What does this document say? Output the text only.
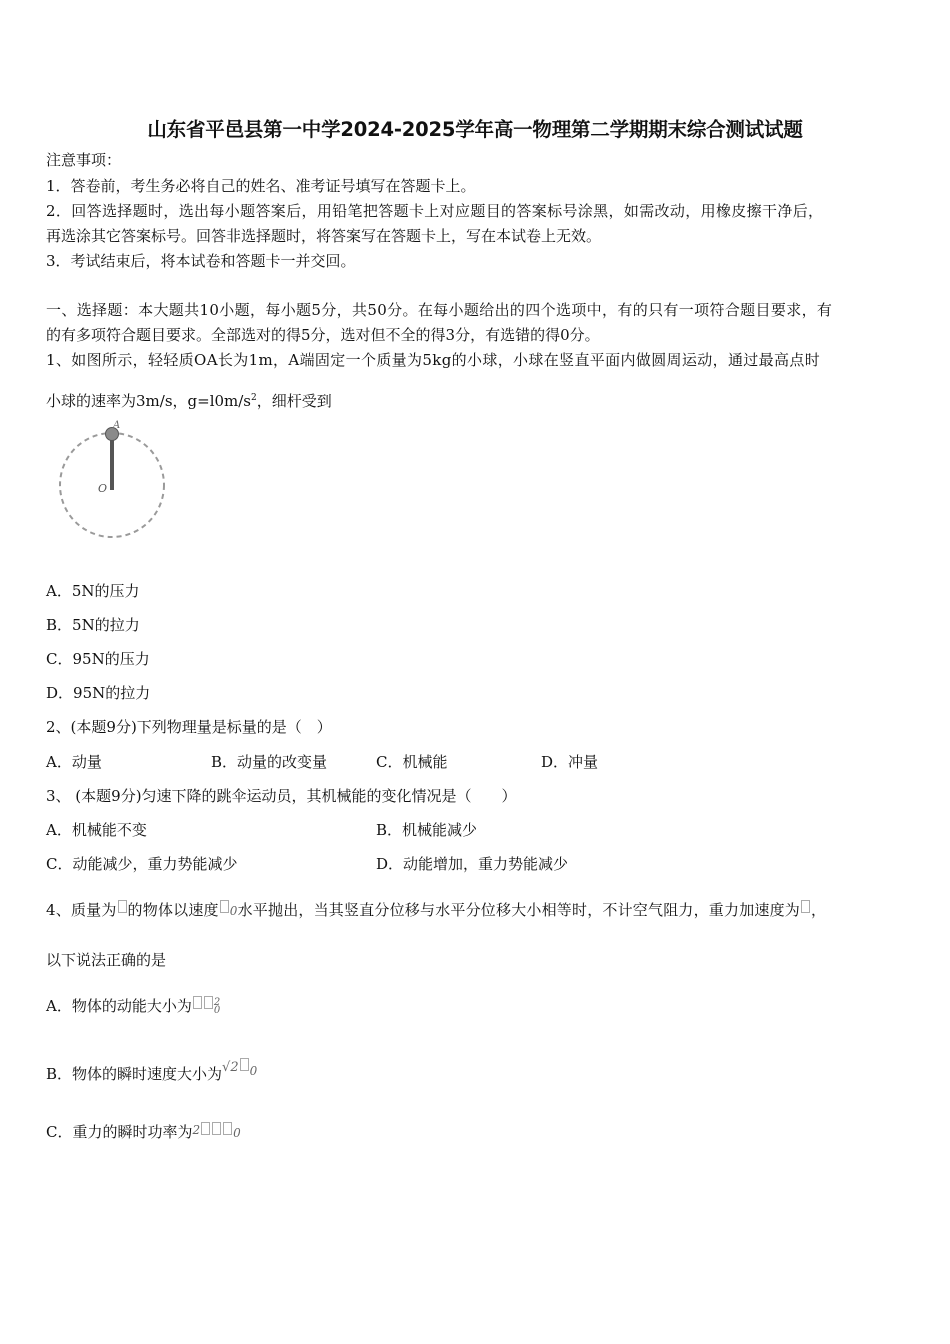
山东省平邑县第一中学2024-2025学年高一物理第二学期期末综合测试试题
注意事项：
1．答卷前，考生务必将自己的姓名、准考证号填写在答题卡上。
2．回答选择题时，选出每小题答案后，用铅笔把答题卡上对应题目的答案标号涂黑，如需改动，用橡皮擦干净后，
再选涂其它答案标号。回答非选择题时，将答案写在答题卡上，写在本试卷上无效。
3．考试结束后，将本试卷和答题卡一并交回。
一、选择题：本大题共10小题，每小题5分，共50分。在每小题给出的四个选项中，有的只有一项符合题目要求，有
的有多项符合题目要求。全部选对的得5分，选对但不全的得3分，有选错的得0分。
1、如图所示，轻轻质OA长为1m，A端固定一个质量为5kg的小球，小球在竖直平面内做圆周运动，通过最高点时
小球的速率为3m/s，$g=l0m/s^2$，细杆受到
A
O
A．5N的压力
B．5N的拉力
C．95N的压力
D．95N的拉力
2、(本题9分)下列物理量是标量的是（　）
A．动量	B．动量的改变量	C．机械能	D．冲量
3、 (本题9分)匀速下降的跳伞运动员，其机械能的变化情况是（　　）
A．机械能不变	B．机械能减少
C．动能减少，重力势能减少	D．动能增加，重力势能减少
4、质量为 的物体以速度 0水平抛出，当其竖直分位移与水平分位移大小相等时，不计空气阻力，重力加速度为 ，
以下说法正确的是
A．物体的动能大小为 2
0
B．物体的瞬时速度大小为√2 $^0$
C．重力的瞬时功率为$^2$	0
